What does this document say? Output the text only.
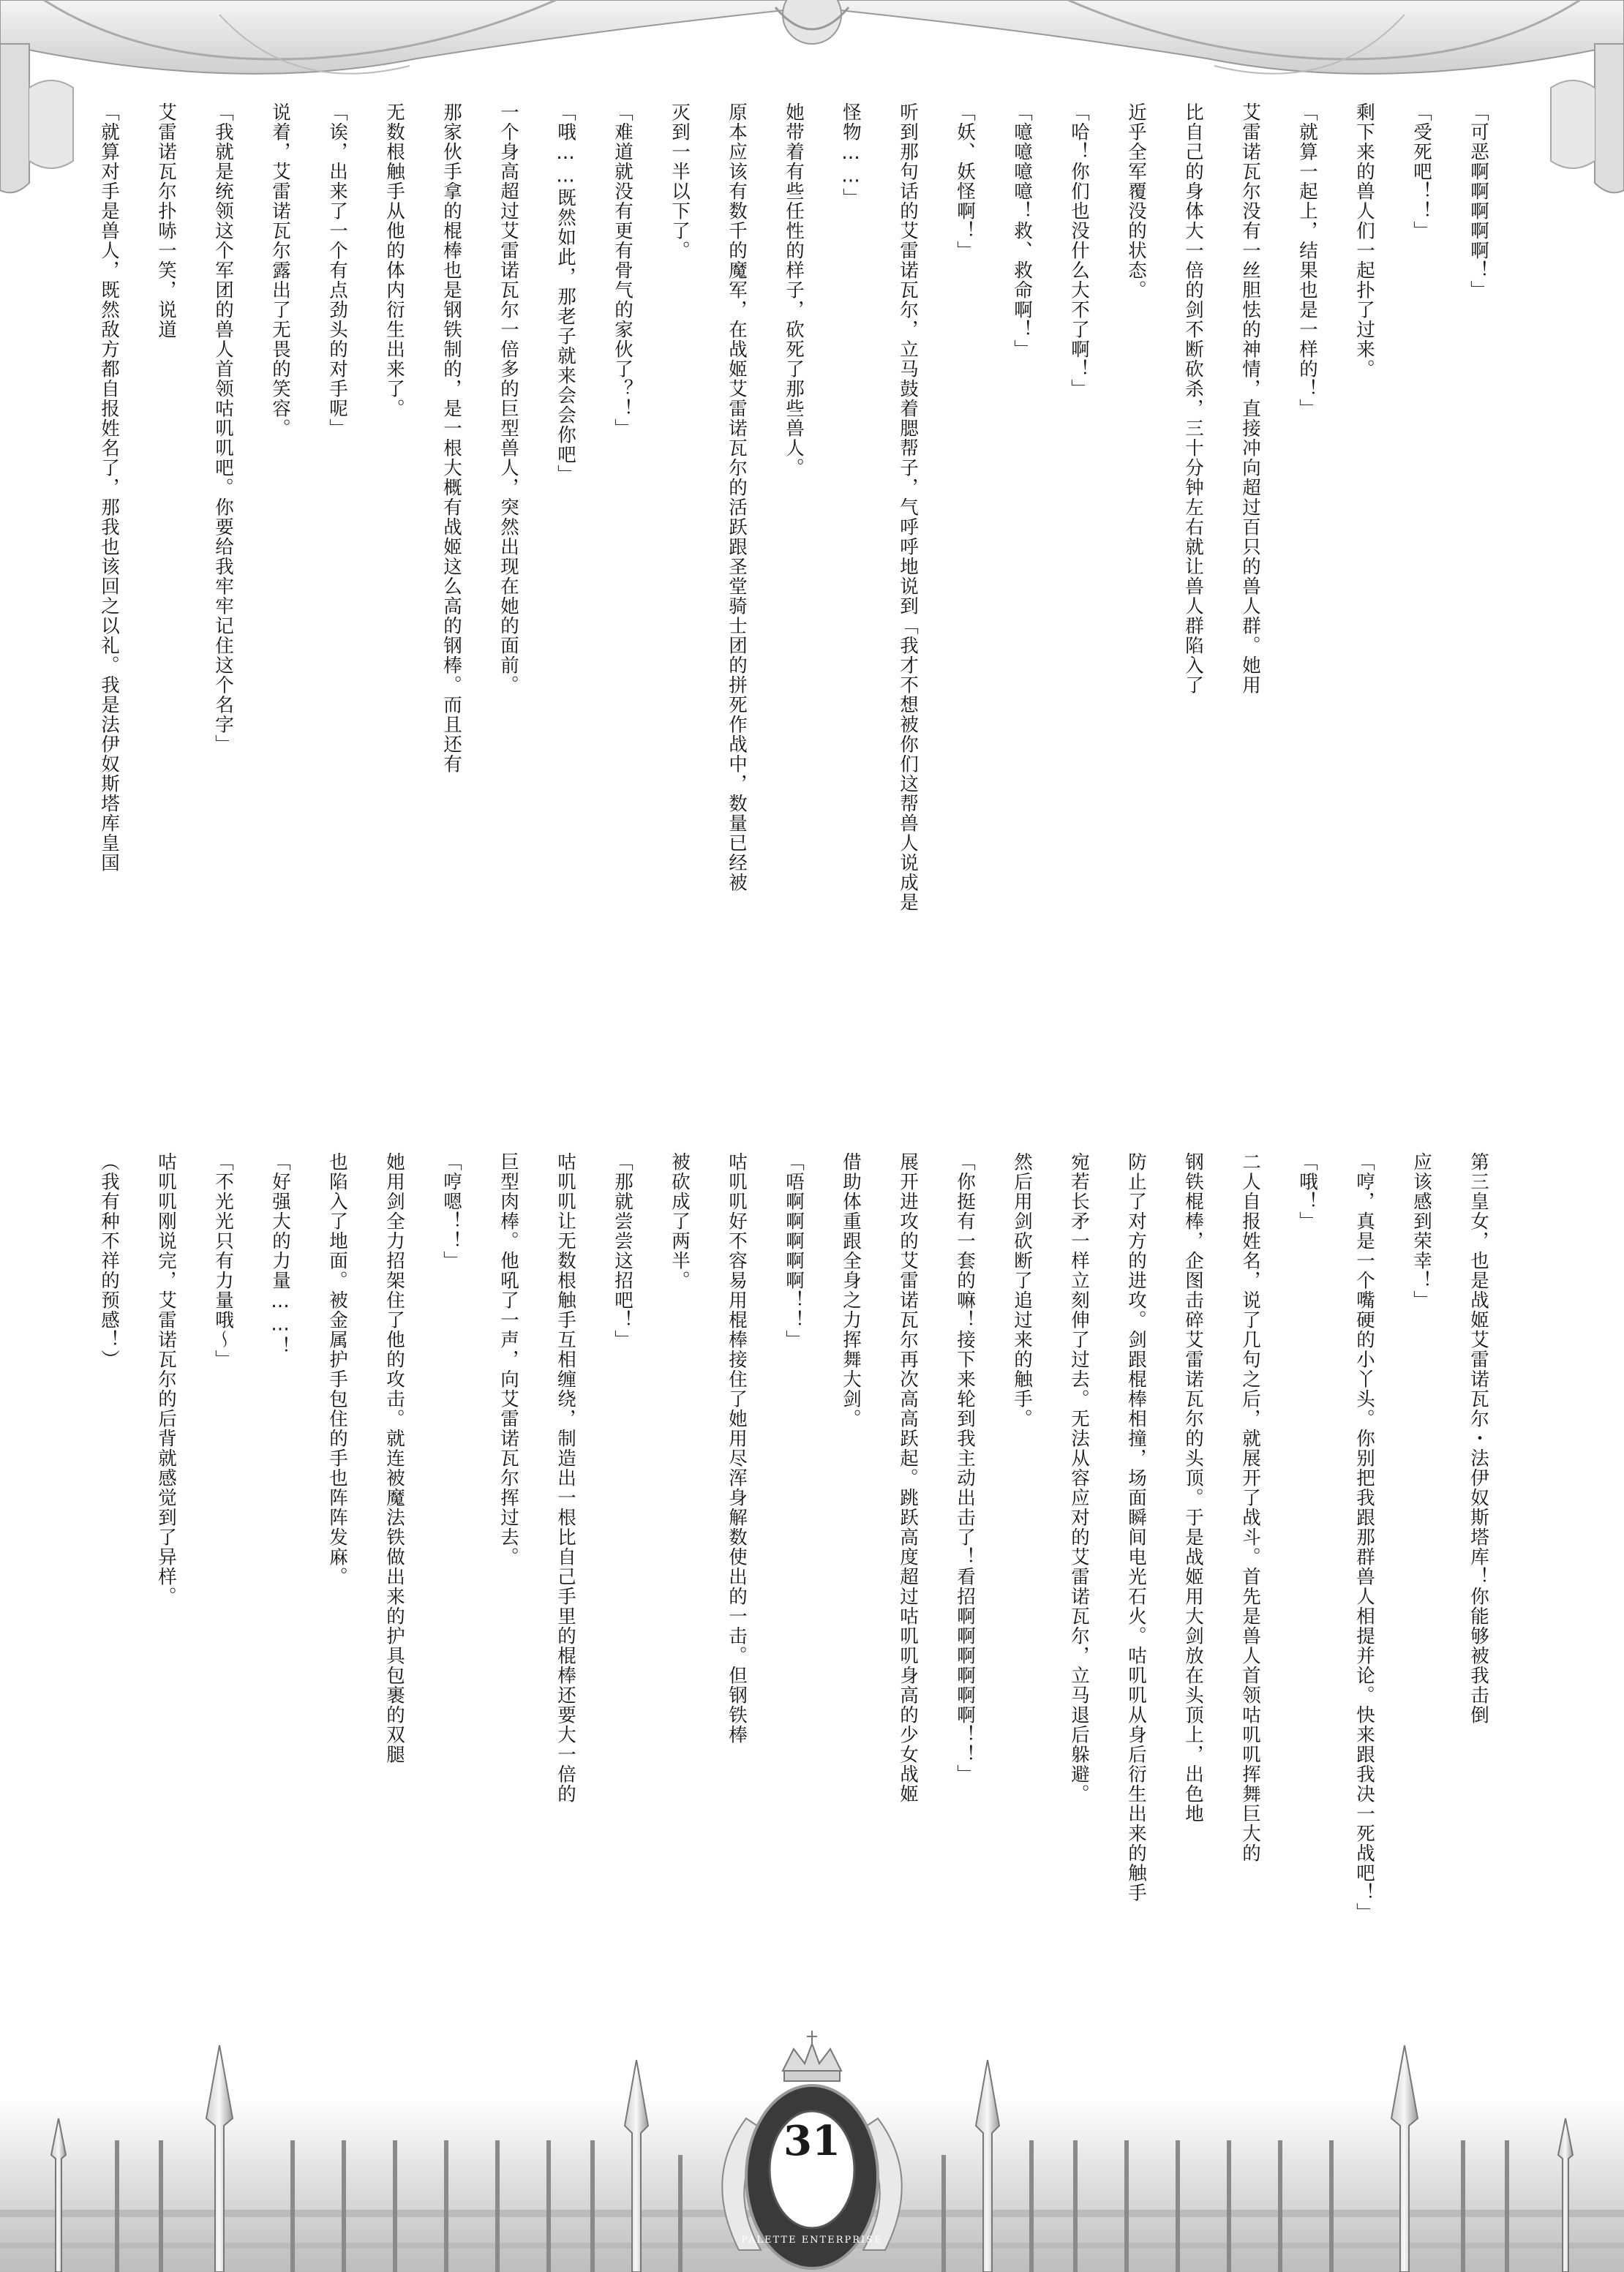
「可恶啊啊啊啊啊！」

「受死吧！！」

剩下来的兽人们一起扑了过来。

「就算一起上，结果也是一样的！」

艾雷诺瓦尔没有一丝胆怯的神情，直接冲向超过百只的兽人群。她用

比自己的身体大一倍的剑不断砍杀，三十分钟左右就让兽人群陷入了

近乎全军覆没的状态。

「哈！你们也没什么大不了啊！」

「噫噫噫噫！救、救命啊！」

「妖、妖怪啊！」

听到那句话的艾雷诺瓦尔，立马鼓着腮帮子，气呼呼地说到「我才不想被你们这帮兽人说成是

怪物……」

她带着有些任性的样子，砍死了那些兽人。

原本应该有数千的魔军，在战姬艾雷诺瓦尔的活跃跟圣堂骑士团的拼死作战中，数量已经被

灭到一半以下了。

「难道就没有更有骨气的家伙了？！」

「哦……既然如此，那老子就来会会你吧」

一个身高超过艾雷诺瓦尔一倍多的巨型兽人，突然出现在她的面前。

那家伙手拿的棍棒也是钢铁制的，是一根大概有战姬这么高的钢棒。而且还有

无数根触手从他的体内衍生出来了。

「诶，出来了一个有点劲头的对手呢」

说着，艾雷诺瓦尔露出了无畏的笑容。

「我就是统领这个军团的兽人首领咕叽叽吧。你要给我牢牢记住这个名字」

艾雷诺瓦尔扑哧一笑，说道

「就算对手是兽人，既然敌方都自报姓名了，那我也该回之以礼。我是法伊奴斯塔库皇国

第三皇女，也是战姬艾雷诺瓦尔・法伊奴斯塔库！你能够被我击倒

应该感到荣幸！」

「哼，真是一个嘴硬的小丫头。你别把我跟那群兽人相提并论。快来跟我决一死战吧！」

「哦！」

二人自报姓名，说了几句之后，就展开了战斗。首先是兽人首领咕叽叽挥舞巨大的

钢铁棍棒，企图击碎艾雷诺瓦尔的头顶。于是战姬用大剑放在头顶上，出色地

防止了对方的进攻。剑跟棍棒相撞，场面瞬间电光石火。咕叽叽从身后衍生出来的触手

宛若长矛一样立刻伸了过去。无法从容应对的艾雷诺瓦尔，立马退后躲避。

然后用剑砍断了追过来的触手。

「你挺有一套的嘛！接下来轮到我主动出击了！看招啊啊啊啊啊啊！！」

展开进攻的艾雷诺瓦尔再次高高跃起。跳跃高度超过咕叽叽身高的少女战姬

借助体重跟全身之力挥舞大剑。

「唔啊啊啊啊啊！！」

咕叽叽好不容易用棍棒接住了她用尽浑身解数使出的一击。但钢铁棒

被砍成了两半。

「那就尝尝这招吧！」

咕叽叽让无数根触手互相缠绕，制造出一根比自己手里的棍棒还要大一倍的

巨型肉棒。他吼了一声，向艾雷诺瓦尔挥过去。

「哼嗯！！」

她用剑全力招架住了他的攻击。就连被魔法铁做出来的护具包裹的双腿

也陷入了地面。被金属护手包住的手也阵阵发麻。

「好强大的力量……！

「不光光只有力量哦～」

咕叽叽刚说完，艾雷诺瓦尔的后背就感觉到了异样。

（我有种不祥的预感！）

31
PALETTE ENTERPRISE
